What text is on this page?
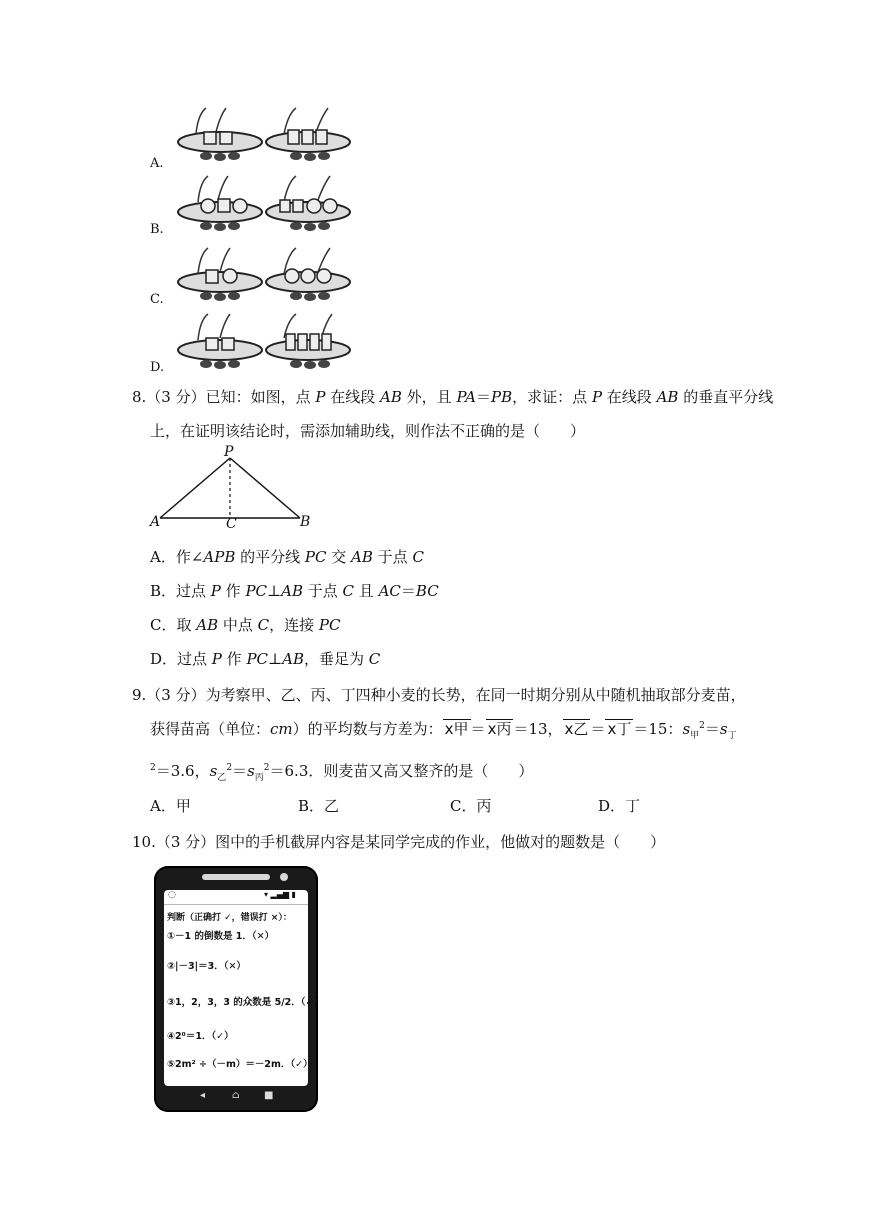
A.
B.
C.
D.
8.（3 分）已知：如图，点 P 在线段 AB 外，且 PA＝PB，求证：点 P 在线段 AB 的垂直平分线
上，在证明该结论时，需添加辅助线，则作法不正确的是（　　）
P
A	C	B
A．作∠APB 的平分线 PC 交 AB 于点 C
B．过点 P 作 PC⊥AB 于点 C 且 AC＝BC
C．取 AB 中点 C，连接 PC
D．过点 P 作 PC⊥AB，垂足为 C
9.（3 分）为考察甲、乙、丙、丁四种小麦的长势，在同一时期分别从中随机抽取部分麦苗，
获得苗高（单位：cm）的平均数与方差为： x甲 ＝ x丙 ＝13， x乙 ＝ x丁 ＝15：$s_甲^2=s_丁$
$^2$＝3.6，$s_乙^2=s_丙^2=6.3$．则麦苗又高又整齐的是（　　）
A．甲	B．乙	C．丙	D．丁
10.（3 分）图中的手机截屏内容是某同学完成的作业，他做对的题数是（　　）
◌	▾ ▂▄▆ ▮
判断（正确打 ✓，错误打 ×）：
①－1 的倒数是 1．（✕）
②|－3|＝3．（✕）
③1，2，3，3 的众数是 5/2．（✓）
④2⁰＝1．（✓）
⑤2m² ÷（－m）＝－2m．（✓）
◂	⌂ ■
